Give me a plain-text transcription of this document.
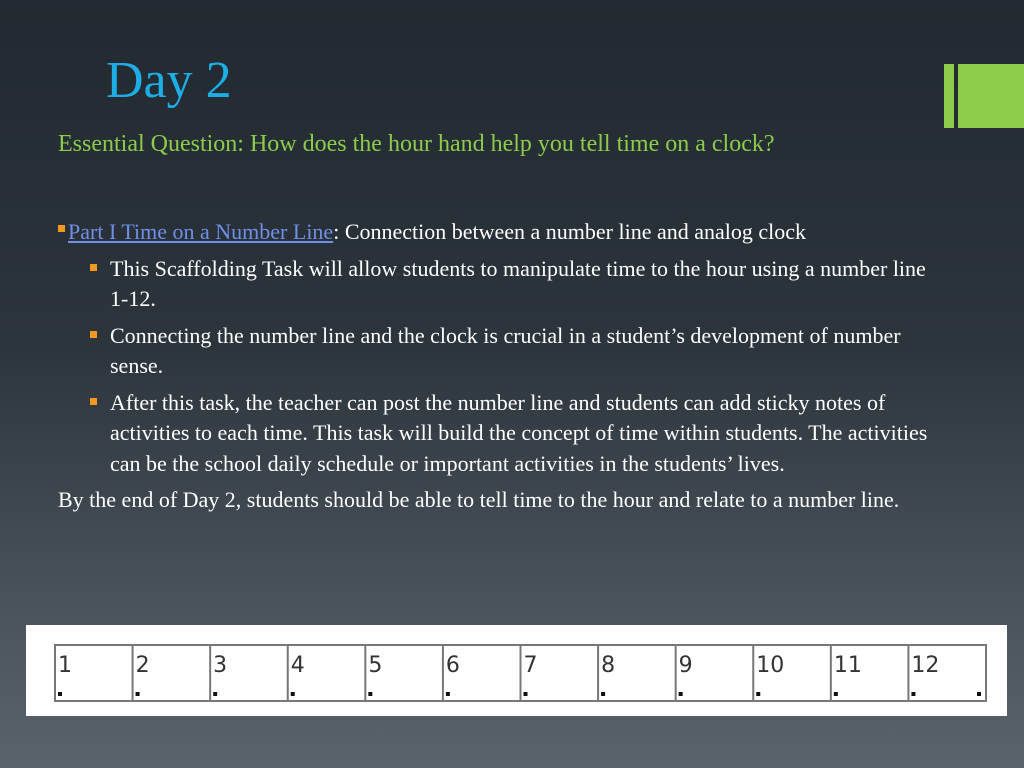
Day 2

Essential Question: How does the hour hand help you tell time on a clock?

Part I Time on a Number Line: Connection between a number line and analog clock

This Scaffolding Task will allow students to manipulate time to the hour using a number line 1-12.
Connecting the number line and the clock is crucial in a student’s development of number sense.
After this task, the teacher can post the number line and students can add sticky notes of activities to each time. This task will build the concept of time within students. The activities can be the school daily schedule or important activities in the students’ lives.

By the end of Day 2, students should be able to tell time to the hour and relate to a number line.

1	2	3	4	5	6	7	8	9	10 11 12
